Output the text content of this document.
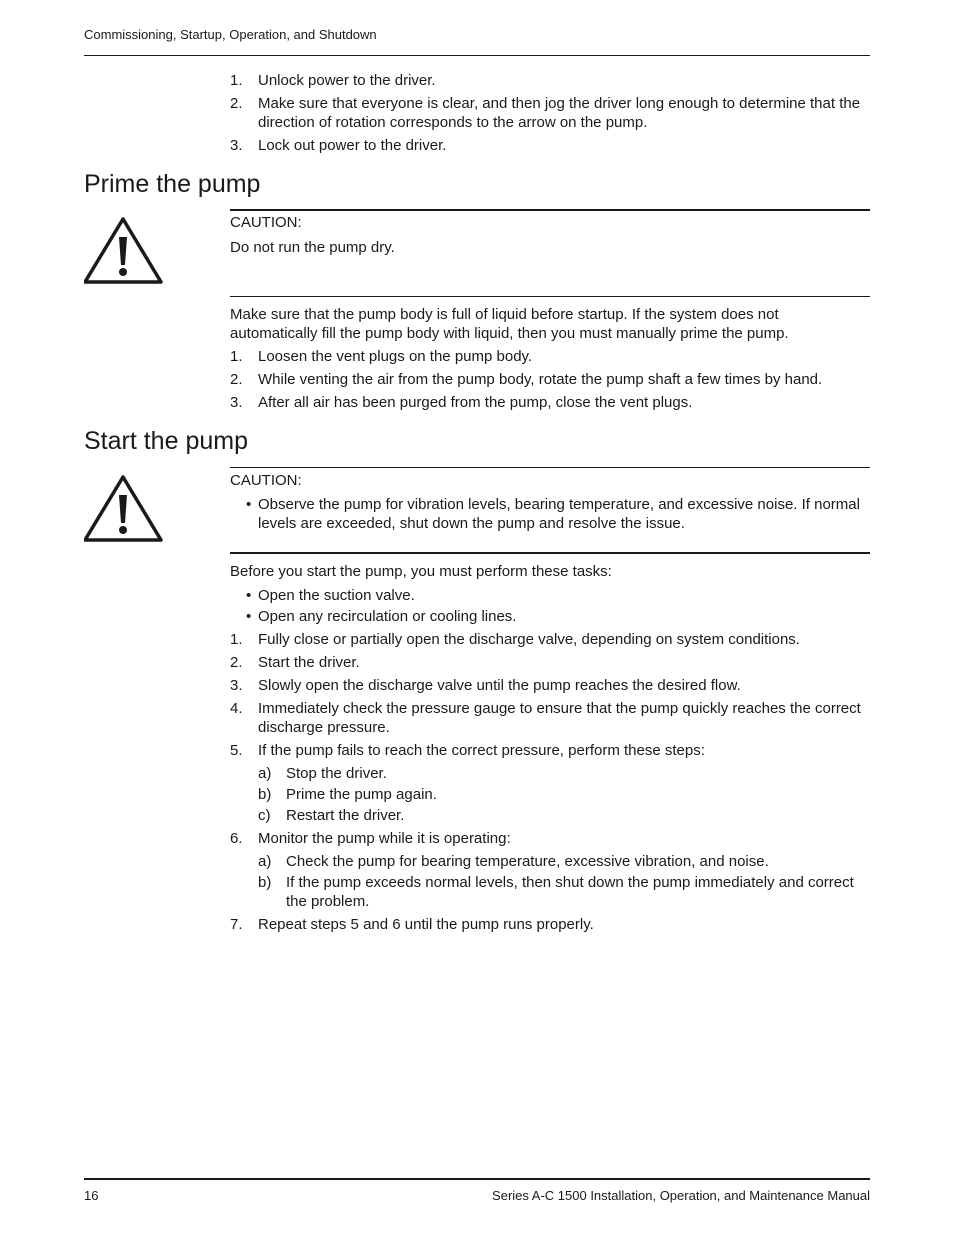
Commissioning, Startup, Operation, and Shutdown
1. Unlock power to the driver.
2. Make sure that everyone is clear, and then jog the driver long enough to determine that the direction of rotation corresponds to the arrow on the pump.
3. Lock out power to the driver.
Prime the pump
CAUTION:
Do not run the pump dry.
Make sure that the pump body is full of liquid before startup. If the system does not automatically fill the pump body with liquid, then you must manually prime the pump.
1. Loosen the vent plugs on the pump body.
2. While venting the air from the pump body, rotate the pump shaft a few times by hand.
3. After all air has been purged from the pump, close the vent plugs.
Start the pump
CAUTION:
• Observe the pump for vibration levels, bearing temperature, and excessive noise. If normal levels are exceeded, shut down the pump and resolve the issue.
Before you start the pump, you must perform these tasks:
• Open the suction valve.
• Open any recirculation or cooling lines.
1. Fully close or partially open the discharge valve, depending on system conditions.
2. Start the driver.
3. Slowly open the discharge valve until the pump reaches the desired flow.
4. Immediately check the pressure gauge to ensure that the pump quickly reaches the correct discharge pressure.
5. If the pump fails to reach the correct pressure, perform these steps:
a) Stop the driver.
b) Prime the pump again.
c) Restart the driver.
6. Monitor the pump while it is operating:
a) Check the pump for bearing temperature, excessive vibration, and noise.
b) If the pump exceeds normal levels, then shut down the pump immediately and correct the problem.
7. Repeat steps 5 and 6 until the pump runs properly.
16	Series A-C 1500 Installation, Operation, and Maintenance Manual
